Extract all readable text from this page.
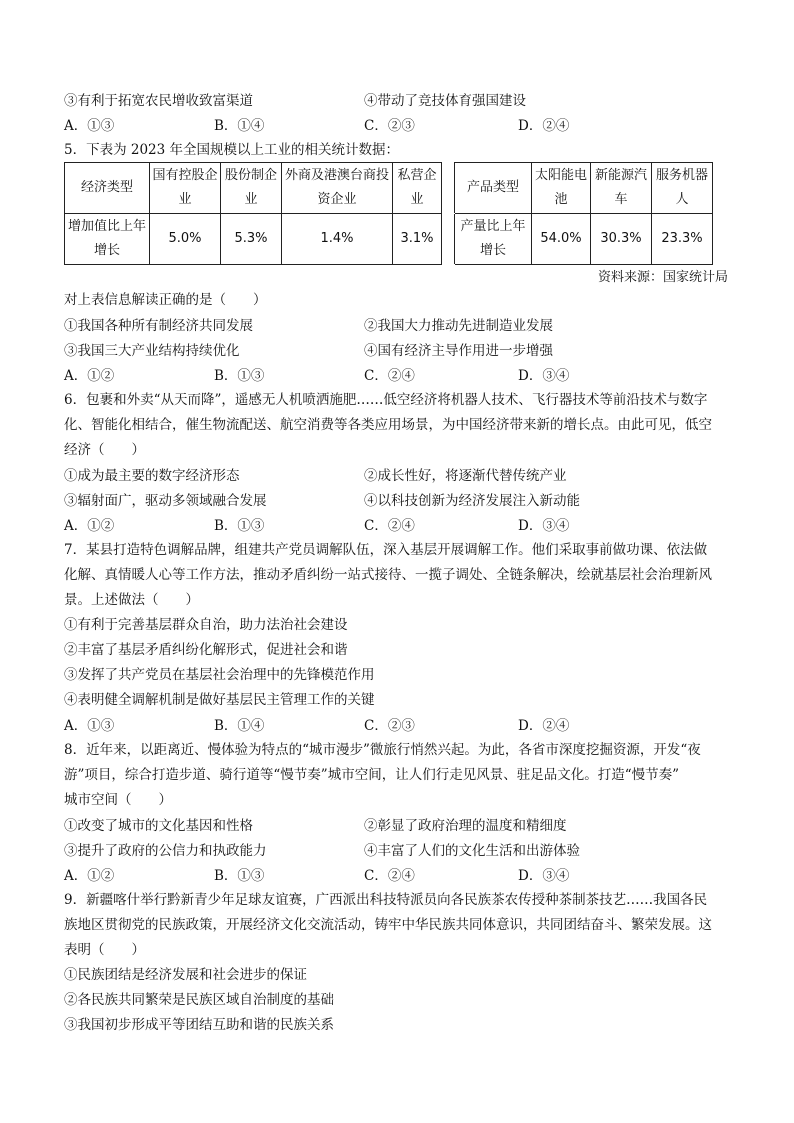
③有利于拓宽农民增收致富渠道	④带动了竞技体育强国建设
A．①③	B．①④	C．②③	D．②④
5．下表为 2023 年全国规模以上工业的相关统计数据：
经济类型	国有控股企业	股份制企业	外商及港澳台商投资企业	私营企业		产品类型	太阳能电池	新能源汽车	服务机器人
增加值比上年增长	5.0%	5.3%	1.4%	3.1%		产量比上年增长	54.0%	30.3%	23.3%
资料来源：国家统计局
对上表信息解读正确的是（　　）
①我国各种所有制经济共同发展	②我国大力推动先进制造业发展
③我国三大产业结构持续优化	④国有经济主导作用进一步增强
A．①②	B．①③	C．②④	D．③④
6．包裹和外卖“从天而降”，遥感无人机喷洒施肥……低空经济将机器人技术、飞行器技术等前沿技术与数字
化、智能化相结合，催生物流配送、航空消费等各类应用场景，为中国经济带来新的增长点。由此可见，低空
经济（　　）
①成为最主要的数字经济形态	②成长性好，将逐渐代替传统产业
③辐射面广，驱动多领域融合发展	④以科技创新为经济发展注入新动能
A．①②	B．①③	C．②④	D．③④
7．某县打造特色调解品牌，组建共产党员调解队伍，深入基层开展调解工作。他们采取事前做功课、依法做
化解、真情暖人心等工作方法，推动矛盾纠纷一站式接待、一揽子调处、全链条解决，绘就基层社会治理新风
景。上述做法（　　）
①有利于完善基层群众自治，助力法治社会建设
②丰富了基层矛盾纠纷化解形式，促进社会和谐
③发挥了共产党员在基层社会治理中的先锋模范作用
④表明健全调解机制是做好基层民主管理工作的关键
A．①③	B．①④	C．②③	D．②④
8．近年来，以距离近、慢体验为特点的“城市漫步”微旅行悄然兴起。为此，各省市深度挖掘资源，开发“夜
游”项目，综合打造步道、骑行道等“慢节奏”城市空间，让人们行走见风景、驻足品文化。打造“慢节奏”
城市空间（　　）
①改变了城市的文化基因和性格	②彰显了政府治理的温度和精细度
③提升了政府的公信力和执政能力	④丰富了人们的文化生活和出游体验
A．①②	B．①③	C．②④	D．③④
9．新疆喀什举行黔新青少年足球友谊赛，广西派出科技特派员向各民族茶农传授种茶制茶技艺……我国各民
族地区贯彻党的民族政策，开展经济文化交流活动，铸牢中华民族共同体意识，共同团结奋斗、繁荣发展。这
表明（　　）
①民族团结是经济发展和社会进步的保证
②各民族共同繁荣是民族区域自治制度的基础
③我国初步形成平等团结互助和谐的民族关系
